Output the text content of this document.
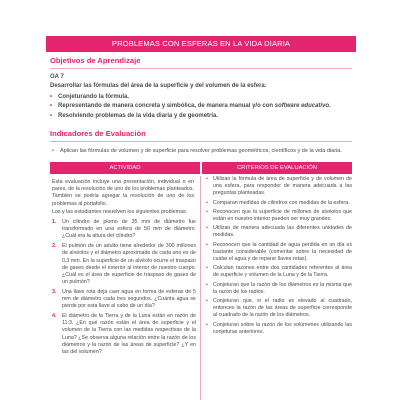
PROBLEMAS CON ESFERAS EN LA VIDA DIARIA
Objetivos de Aprendizaje
OA 7
Desarrollar las fórmulas del área de la superficie y del volumen de la esfera:
• Conjeturando la fórmula.
• Representando de manera concreta y simbólica, de manera manual y/o con software educativo.
• Resolviendo problemas de la vida diaria y de geometría.
Indicadores de Evaluación
•	Aplican las fórmulas de volumen y de superficie para resolver problemas geométricos, científicos y de la vida diaria.
ACTIVIDAD	CRITERIOS DE EVALUACIÓN

Esta evaluación incluye una presentación, individual o en pares, de la resolución de uno de los problemas planteados. También se podría agregar la resolución de uno de los problemas al portafolio.

Los y las estudiantes resuelven los siguientes problemas:

1. Un cilindro de plomo de 35 mm de diámetro fue transformado en una esfera de 50 mm de diámetro. ¿Cuál era la altura del cilindro?
2. El pulmón de un adulto tiene alrededor de 300 millones de alvéolos y el diámetro aproximado de cada uno es de 0,3 mm. En la superficie de un alvéolo ocurre el traspaso de gases desde el exterior al interior de nuestro cuerpo. ¿Cuál es el área de superficie de traspaso de gases de un pulmón?
3. Una llave rota deja caer agua en forma de esferas de 5 mm de diámetro cada tres segundos. ¿Cuánta agua se pierde por esta llave al cabo de un día?
4. El diámetro de la Tierra y de la Luna están en razón de 11:3. ¿En qué razón están el área de superficie y el volumen de la Tierra con las medidas respectivas de la Luna? ¿Se observa alguna relación entre la razón de los diámetros y la razón de las áreas de superficie? ¿Y en las del volumen?
• Utilizan la fórmula de área de superficie y de volumen de una esfera, para responder de manera adecuada a las preguntas planteadas.
• Comparan medidas de cilindros con medidas de la esfera.
• Reconocen que la superficie de millones de alvéolos que están en nuestro interior pueden ser muy grandes.
• Utilizan de manera adecuada las diferentes unidades de medidas.
• Reconocen que la cantidad de agua perdida en un día es bastante considerable (comentar sobre la necesidad de cuidar el agua y de reparar llaves rotas).
• Calculan razones entre dos cantidades referentes al área de superficie y volumen de la Luna y de la Tierra.
• Conjeturan que la razón de los diámetros es la misma que la razón de los radios.
• Conjeturan que, si el radio es elevado al cuadrado, entonces la razón de las áreas de superficie corresponde al cuadrado de la razón de los diámetros.
• Conjeturan sobre la razón de los volúmenes utilizando las conjeturas anteriores.
